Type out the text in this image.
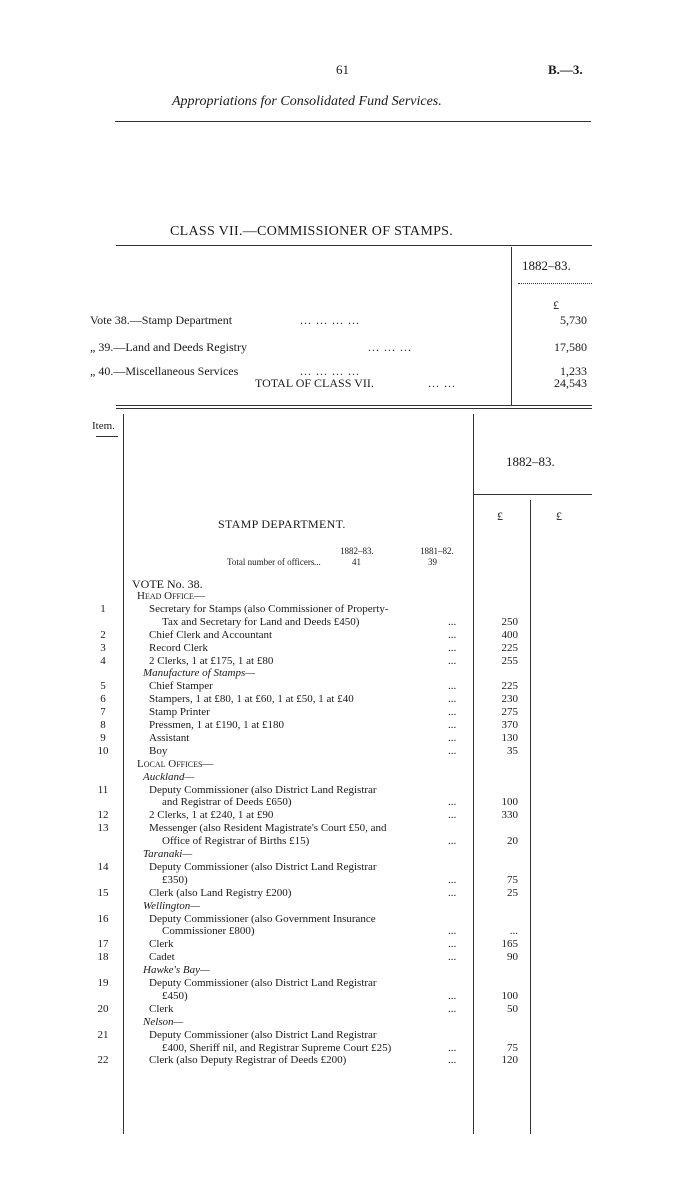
61	B.—3.
Appropriations for Consolidated Fund Services.
CLASS VII.—COMMISSIONER OF STAMPS.
1882–83.
£
Vote 38.—Stamp Department	... ... ... ...	5,730
„ 39.—Land and Deeds Registry	... ... ...	17,580
„ 40.—Miscellaneous Services	... ... ... ...	1,233
TOTAL OF CLASS VII.	... ...	24,543
Item.
1882–83.
£	£
STAMP DEPARTMENT.
1882–83.	1881–82.
Total number of officers ...	41	39
VOTE No. 38.
Head Office—
1	Secretary for Stamps (also Commissioner of Property-
Tax and Secretary for Land and Deeds £450)	...	250
2	Chief Clerk and Accountant	...	400
3	Record Clerk	...	225
4	2 Clerks, 1 at £175, 1 at £80	...	255
Manufacture of Stamps—
5	Chief Stamper	...	225
6	Stampers, 1 at £80, 1 at £60, 1 at £50, 1 at £40	...	230
7	Stamp Printer	...	275
8	Pressmen, 1 at £190, 1 at £180	...	370
9	Assistant	...	130
10	Boy	...	35
Local Offices—
Auckland—
11	Deputy Commissioner (also District Land Registrar
and Registrar of Deeds £650)	...	100
12	2 Clerks, 1 at £240, 1 at £90	...	330
13	Messenger (also Resident Magistrate's Court £50, and
Office of Registrar of Births £15)	...	20
Taranaki—
14	Deputy Commissioner (also District Land Registrar
£350)	...	75
15	Clerk (also Land Registry £200)	...	25
Wellington—
16	Deputy Commissioner (also Government Insurance
Commissioner £800)	...	...
17	Clerk	...	165
18	Cadet	...	90
Hawke's Bay—
19	Deputy Commissioner (also District Land Registrar
£450)	...	100
20	Clerk	...	50
Nelson—
21	Deputy Commissioner (also District Land Registrar
£400, Sheriff nil, and Registrar Supreme Court £25)	...	75
22	Clerk (also Deputy Registrar of Deeds £200)	...	120
